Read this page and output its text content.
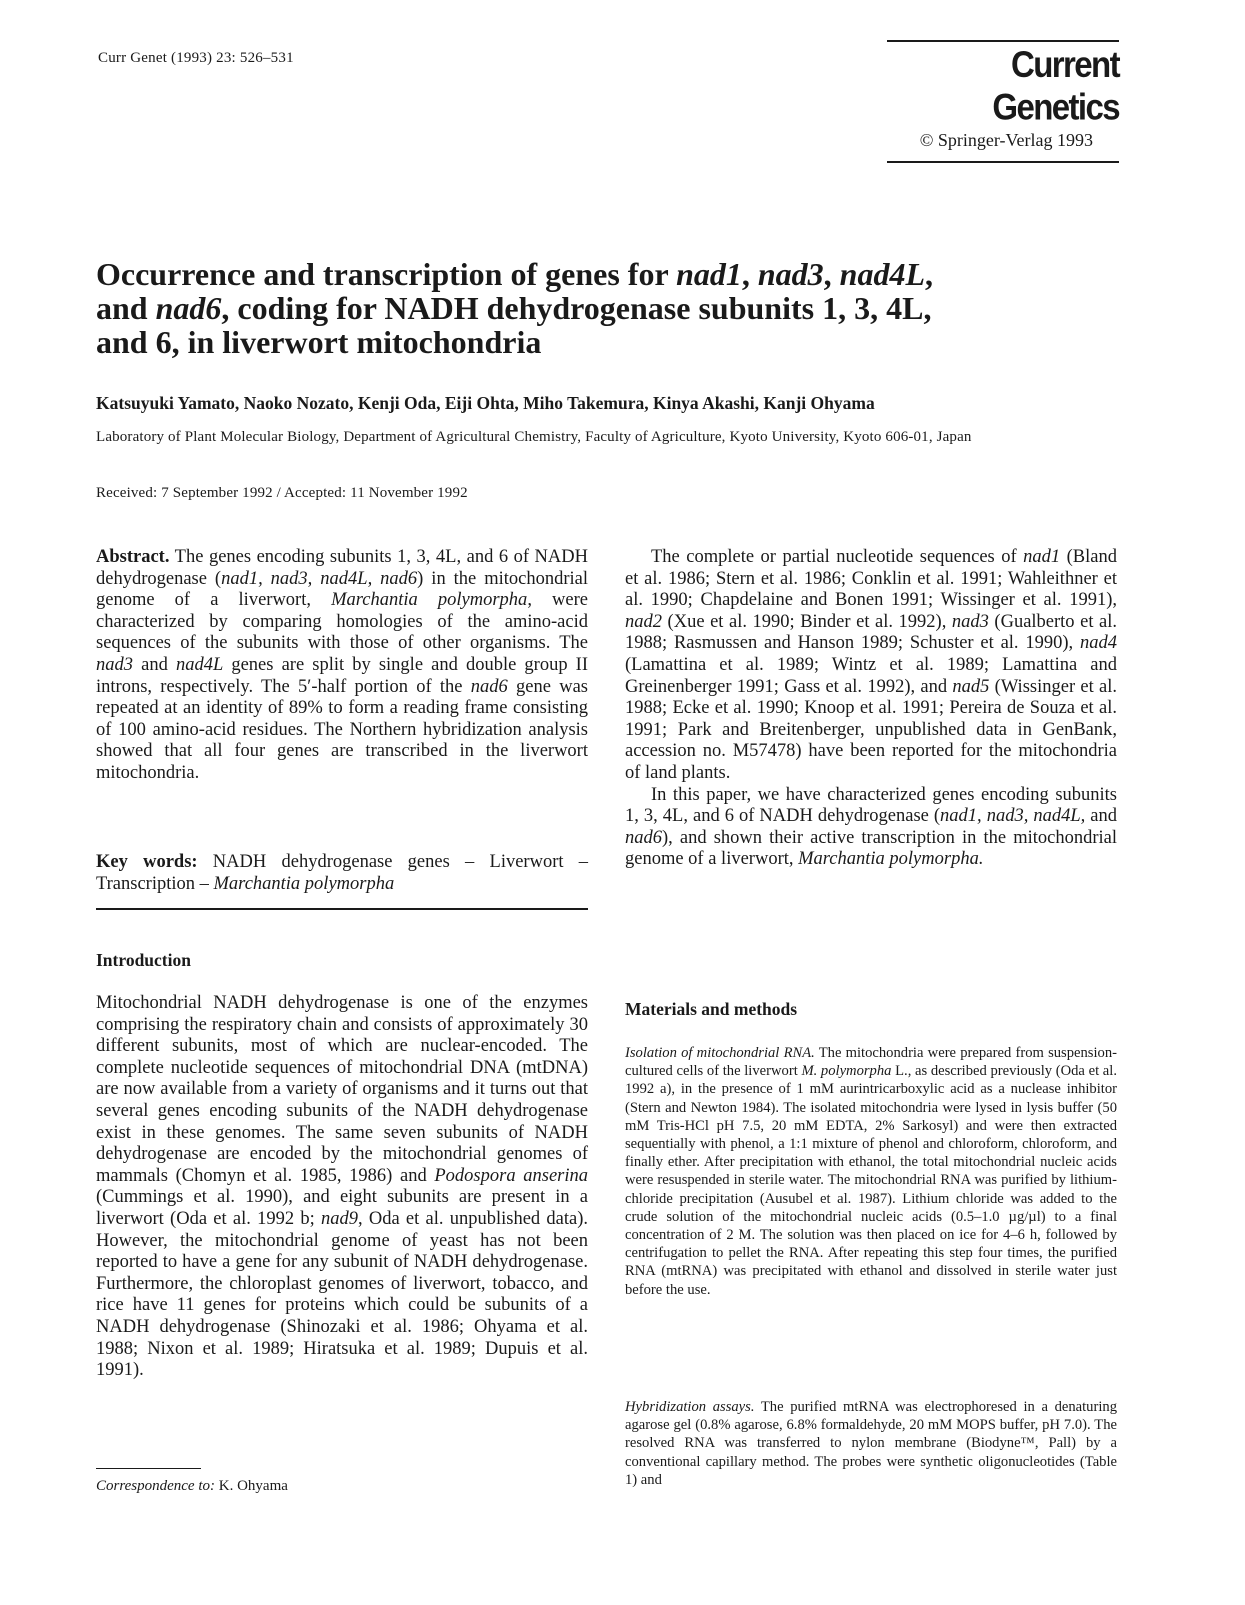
Curr Genet (1993) 23: 526–531	Current Genetics
© Springer-Verlag 1993
Occurrence and transcription of genes for nad1, nad3, nad4L,
and nad6, coding for NADH dehydrogenase subunits 1, 3, 4L,
and 6, in liverwort mitochondria
Katsuyuki Yamato, Naoko Nozato, Kenji Oda, Eiji Ohta, Miho Takemura, Kinya Akashi, Kanji Ohyama
Laboratory of Plant Molecular Biology, Department of Agricultural Chemistry, Faculty of Agriculture, Kyoto University, Kyoto 606-01, Japan
Received: 7 September 1992 / Accepted: 11 November 1992

Abstract. The genes encoding subunits 1, 3, 4L, and 6 of NADH dehydrogenase (nad1, nad3, nad4L, nad6) in the mitochondrial genome of a liverwort, Marchantia polymorpha, were characterized by comparing homologies of the amino-acid sequences of the subunits with those of other organisms. The nad3 and nad4L genes are split by single and double group II introns, respectively. The 5′-half portion of the nad6 gene was repeated at an identity of 89% to form a reading frame consisting of 100 amino-acid residues. The Northern hybridization analysis showed that all four genes are transcribed in the liverwort mitochondria.

Key words: NADH dehydrogenase genes – Liverwort – Transcription – Marchantia polymorpha

Introduction

Mitochondrial NADH dehydrogenase is one of the enzymes comprising the respiratory chain and consists of approximately 30 different subunits, most of which are nuclear-encoded. The complete nucleotide sequences of mitochondrial DNA (mtDNA) are now available from a variety of organisms and it turns out that several genes encoding subunits of the NADH dehydrogenase exist in these genomes. The same seven subunits of NADH dehydrogenase are encoded by the mitochondrial genomes of mammals (Chomyn et al. 1985, 1986) and Podospora anserina (Cummings et al. 1990), and eight subunits are present in a liverwort (Oda et al. 1992 b; nad9, Oda et al. unpublished data). However, the mitochondrial genome of yeast has not been reported to have a gene for any subunit of NADH dehydrogenase. Furthermore, the chloroplast genomes of liverwort, tobacco, and rice have 11 genes for proteins which could be subunits of a NADH dehydrogenase (Shinozaki et al. 1986; Ohyama et al. 1988; Nixon et al. 1989; Hiratsuka et al. 1989; Dupuis et al. 1991).

Correspondence to: K. Ohyama

The complete or partial nucleotide sequences of nad1 (Bland et al. 1986; Stern et al. 1986; Conklin et al. 1991; Wahleithner et al. 1990; Chapdelaine and Bonen 1991; Wissinger et al. 1991), nad2 (Xue et al. 1990; Binder et al. 1992), nad3 (Gualberto et al. 1988; Rasmussen and Hanson 1989; Schuster et al. 1990), nad4 (Lamattina et al. 1989; Wintz et al. 1989; Lamattina and Greinenberger 1991; Gass et al. 1992), and nad5 (Wissinger et al. 1988; Ecke et al. 1990; Knoop et al. 1991; Pereira de Souza et al. 1991; Park and Breitenberger, unpublished data in GenBank, accession no. M57478) have been reported for the mitochondria of land plants.

In this paper, we have characterized genes encoding subunits 1, 3, 4L, and 6 of NADH dehydrogenase (nad1, nad3, nad4L, and nad6), and shown their active transcription in the mitochondrial genome of a liverwort, Marchantia polymorpha.

Materials and methods

Isolation of mitochondrial RNA. The mitochondria were prepared from suspension-cultured cells of the liverwort M. polymorpha L., as described previously (Oda et al. 1992 a), in the presence of 1 mM aurintricarboxylic acid as a nuclease inhibitor (Stern and Newton 1984). The isolated mitochondria were lysed in lysis buffer (50 mM Tris-HCl pH 7.5, 20 mM EDTA, 2% Sarkosyl) and were then extracted sequentially with phenol, a 1:1 mixture of phenol and chloroform, chloroform, and finally ether. After precipitation with ethanol, the total mitochondrial nucleic acids were resuspended in sterile water. The mitochondrial RNA was purified by lithium-chloride precipitation (Ausubel et al. 1987). Lithium chloride was added to the crude solution of the mitochondrial nucleic acids (0.5–1.0 µg/µl) to a final concentration of 2 M. The solution was then placed on ice for 4–6 h, followed by centrifugation to pellet the RNA. After repeating this step four times, the purified RNA (mtRNA) was precipitated with ethanol and dissolved in sterile water just before the use.

Hybridization assays. The purified mtRNA was electrophoresed in a denaturing agarose gel (0.8% agarose, 6.8% formaldehyde, 20 mM MOPS buffer, pH 7.0). The resolved RNA was transferred to nylon membrane (Biodyne™, Pall) by a conventional capillary method. The probes were synthetic oligonucleotides (Table 1) and
